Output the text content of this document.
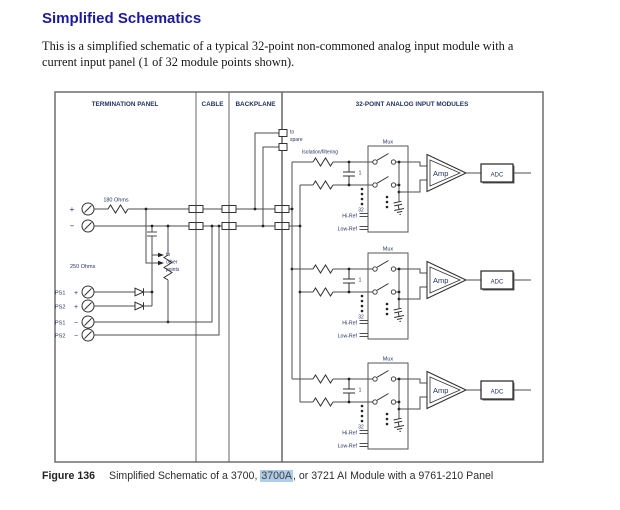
Simplified Schematics
This is a simplified schematic of a typical 32-point non-commoned analog input module with a
current input panel (1 of 32 module points shown).
TERMINATION PANEL	CABLE BACKPLANE	32-POINT ANALOG INPUT MODULES
180 Ohms
+
−
to
other
points
250 Ohms
PS1 +
PS2 +
PS1 −
PS2 −
to
spare
Isolation/filtering
Mux
1
32
Hi-Ref
Low-Ref
Amp	ADC
Mux
1
32
Hi-Ref
Low-Ref
Amp	ADC
Mux
1
32
Hi-Ref
Low-Ref
Amp	ADC
Figure 136 Simplified Schematic of a 3700, 3700A, or 3721 AI Module with a 9761-210 Panel
